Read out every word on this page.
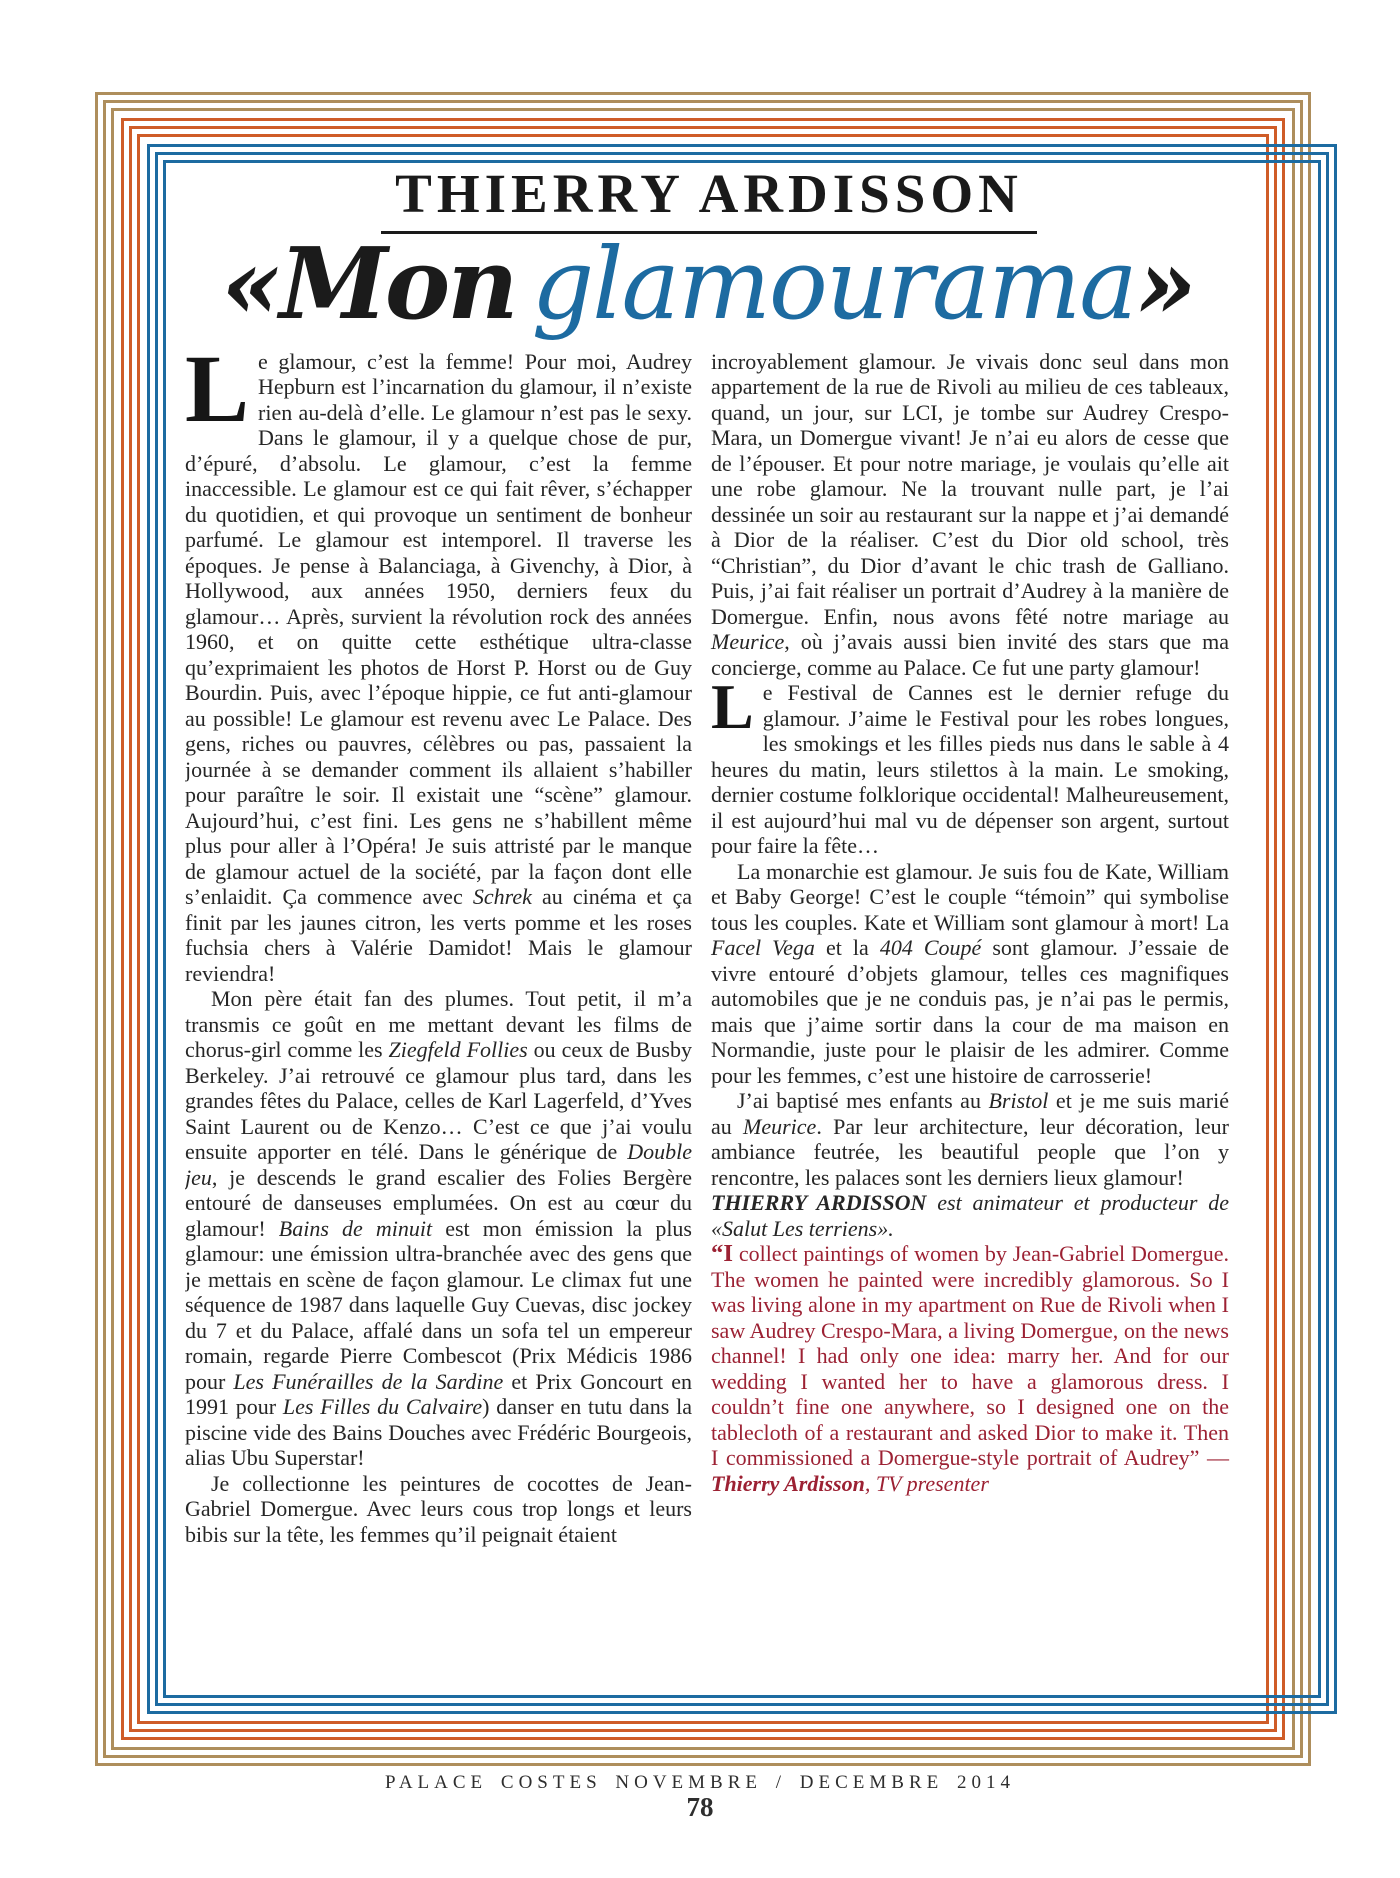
THIERRY ARDISSON
«Mon glamourama»

Le glamour, c’est la femme! Pour moi, Audrey Hepburn est l’incarnation du glamour, il n’existe rien au-delà d’elle. Le glamour n’est pas le sexy. Dans le glamour, il y a quelque chose de pur, d’épuré, d’absolu. Le glamour, c’est la femme inaccessible. Le glamour est ce qui fait rêver, s’échapper du quotidien, et qui provoque un sentiment de bonheur parfumé. Le glamour est intemporel. Il traverse les époques. Je pense à Balanciaga, à Givenchy, à Dior, à Hollywood, aux années 1950, derniers feux du glamour… Après, survient la révolution rock des années 1960, et on quitte cette esthétique ultra-classe qu’exprimaient les photos de Horst P. Horst ou de Guy Bourdin. Puis, avec l’époque hippie, ce fut anti-glamour au possible! Le glamour est revenu avec Le Palace. Des gens, riches ou pauvres, célèbres ou pas, passaient la journée à se demander comment ils allaient s’habiller pour paraître le soir. Il existait une “scène” glamour. Aujourd’hui, c’est fini. Les gens ne s’habillent même plus pour aller à l’Opéra! Je suis attristé par le manque de glamour actuel de la société, par la façon dont elle s’enlaidit. Ça commence avec Schrek au cinéma et ça finit par les jaunes citron, les verts pomme et les roses fuchsia chers à Valérie Damidot! Mais le glamour reviendra!

Mon père était fan des plumes. Tout petit, il m’a transmis ce goût en me mettant devant les films de chorus-girl comme les Ziegfeld Follies ou ceux de Busby Berkeley. J’ai retrouvé ce glamour plus tard, dans les grandes fêtes du Palace, celles de Karl Lagerfeld, d’Yves Saint Laurent ou de Kenzo… C’est ce que j’ai voulu ensuite apporter en télé. Dans le générique de Double jeu, je descends le grand escalier des Folies Bergère entouré de danseuses emplumées. On est au cœur du glamour! Bains de minuit est mon émission la plus glamour: une émission ultra-branchée avec des gens que je mettais en scène de façon glamour. Le climax fut une séquence de 1987 dans laquelle Guy Cuevas, disc jockey du 7 et du Palace, affalé dans un sofa tel un empereur romain, regarde Pierre Combescot (Prix Médicis 1986 pour Les Funérailles de la Sardine et Prix Goncourt en 1991 pour Les Filles du Calvaire) danser en tutu dans la piscine vide des Bains Douches avec Frédéric Bourgeois, alias Ubu Superstar!

Je collectionne les peintures de cocottes de Jean-Gabriel Domergue. Avec leurs cous trop longs et leurs bibis sur la tête, les femmes qu’il peignait étaient

incroyablement glamour. Je vivais donc seul dans mon appartement de la rue de Rivoli au milieu de ces tableaux, quand, un jour, sur LCI, je tombe sur Audrey Crespo-Mara, un Domergue vivant! Je n’ai eu alors de cesse que de l’épouser. Et pour notre mariage, je voulais qu’elle ait une robe glamour. Ne la trouvant nulle part, je l’ai dessinée un soir au restaurant sur la nappe et j’ai demandé à Dior de la réaliser. C’est du Dior old school, très “Christian”, du Dior d’avant le chic trash de Galliano. Puis, j’ai fait réaliser un portrait d’Audrey à la manière de Domergue. Enfin, nous avons fêté notre mariage au Meurice, où j’avais aussi bien invité des stars que ma concierge, comme au Palace. Ce fut une party glamour!

Le Festival de Cannes est le dernier refuge du glamour. J’aime le Festival pour les robes longues, les smokings et les filles pieds nus dans le sable à 4 heures du matin, leurs stilettos à la main. Le smoking, dernier costume folklorique occidental! Malheureusement, il est aujourd’hui mal vu de dépenser son argent, surtout pour faire la fête…

La monarchie est glamour. Je suis fou de Kate, William et Baby George! C’est le couple “témoin” qui symbolise tous les couples. Kate et William sont glamour à mort! La Facel Vega et la 404 Coupé sont glamour. J’essaie de vivre entouré d’objets glamour, telles ces magnifiques automobiles que je ne conduis pas, je n’ai pas le permis, mais que j’aime sortir dans la cour de ma maison en Normandie, juste pour le plaisir de les admirer. Comme pour les femmes, c’est une histoire de carrosserie!

J’ai baptisé mes enfants au Bristol et je me suis marié au Meurice. Par leur architecture, leur décoration, leur ambiance feutrée, les beautiful people que l’on y rencontre, les palaces sont les derniers lieux glamour!

THIERRY ARDISSON est animateur et producteur de «Salut Les terriens».

“I collect paintings of women by Jean-Gabriel Domergue. The women he painted were incredibly glamorous. So I was living alone in my apartment on Rue de Rivoli when I saw Audrey Crespo-Mara, a living Domergue, on the news channel! I had only one idea: marry her. And for our wedding I wanted her to have a glamorous dress. I couldn’t fine one anywhere, so I designed one on the tablecloth of a restaurant and asked Dior to make it. Then I commissioned a Domergue-style portrait of Audrey” — Thierry Ardisson, TV presenter

PALACE COSTES NOVEMBRE / DECEMBRE 2014
78
